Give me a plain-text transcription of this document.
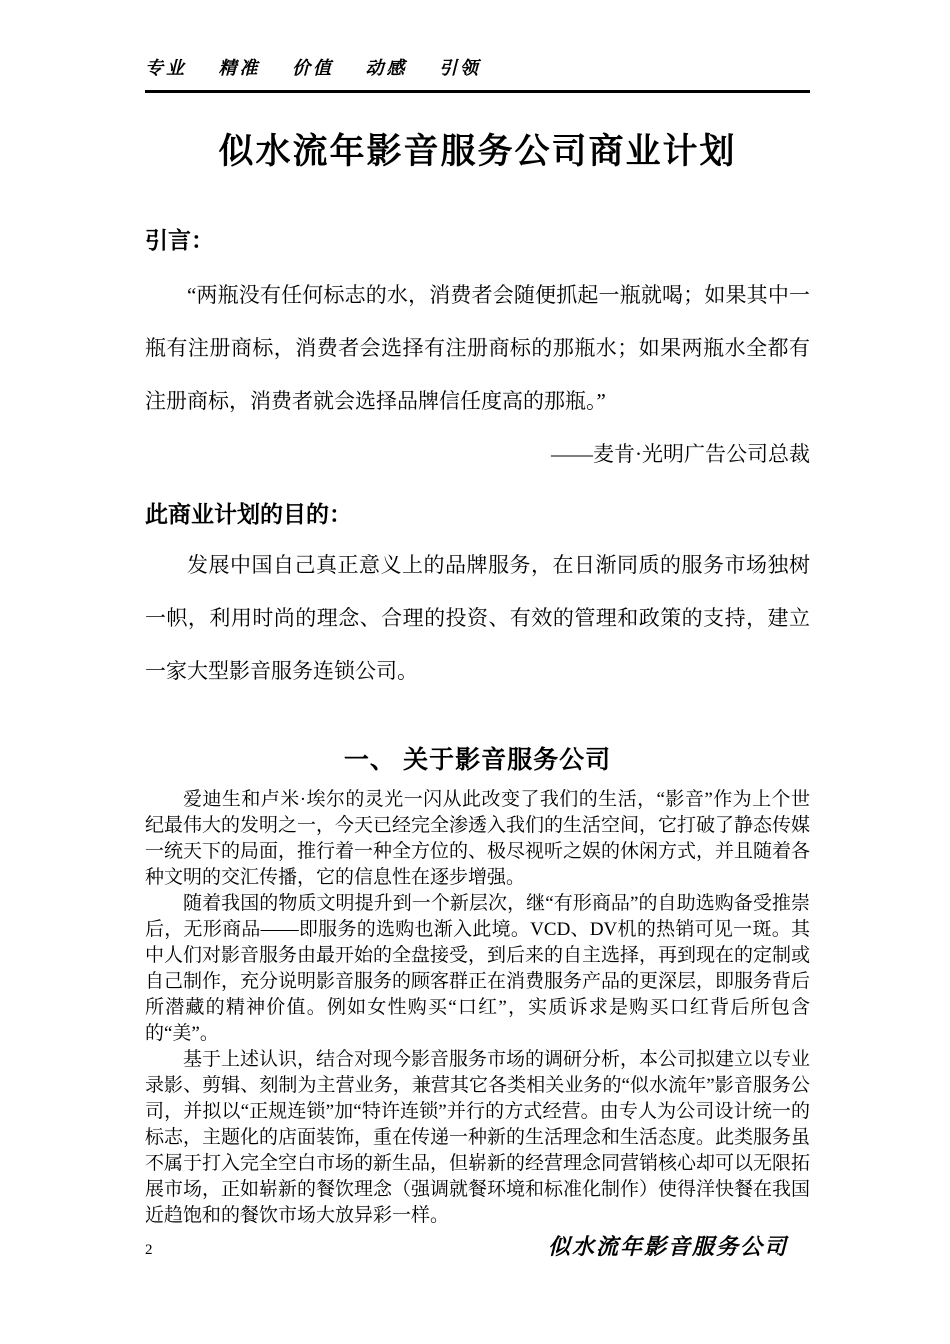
专业 精准 价值 动感 引领
似水流年影音服务公司商业计划
引言：

“两瓶没有任何标志的水，消费者会随便抓起一瓶就喝；如果其中一瓶有注册商标，消费者会选择有注册商标的那瓶水；如果两瓶水全都有注册商标，消费者就会选择品牌信任度高的那瓶。”

——麦肯·光明广告公司总裁

此商业计划的目的：

发展中国自己真正意义上的品牌服务，在日渐同质的服务市场独树一帜，利用时尚的理念、合理的投资、有效的管理和政策的支持，建立一家大型影音服务连锁公司。

一、 关于影音服务公司

爱迪生和卢米·埃尔的灵光一闪从此改变了我们的生活，“影音”作为上个世纪最伟大的发明之一，今天已经完全渗透入我们的生活空间，它打破了静态传媒一统天下的局面，推行着一种全方位的、极尽视听之娱的休闲方式，并且随着各种文明的交汇传播，它的信息性在逐步增强。

随着我国的物质文明提升到一个新层次，继“有形商品”的自助选购备受推崇后，无形商品——即服务的选购也渐入此境。VCD、DV机的热销可见一斑。其中人们对影音服务由最开始的全盘接受，到后来的自主选择，再到现在的定制或自己制作，充分说明影音服务的顾客群正在消费服务产品的更深层，即服务背后所潜藏的精神价值。例如女性购买“口红”，实质诉求是购买口红背后所包含的“美”。

基于上述认识，结合对现今影音服务市场的调研分析，本公司拟建立以专业录影、剪辑、刻制为主营业务，兼营其它各类相关业务的“似水流年”影音服务公司，并拟以“正规连锁”加“特许连锁”并行的方式经营。由专人为公司设计统一的标志，主题化的店面装饰，重在传递一种新的生活理念和生活态度。此类服务虽不属于打入完全空白市场的新生品，但崭新的经营理念同营销核心却可以无限拓展市场，正如崭新的餐饮理念（强调就餐环境和标准化制作）使得洋快餐在我国近趋饱和的餐饮市场大放异彩一样。

2	似水流年影音服务公司
